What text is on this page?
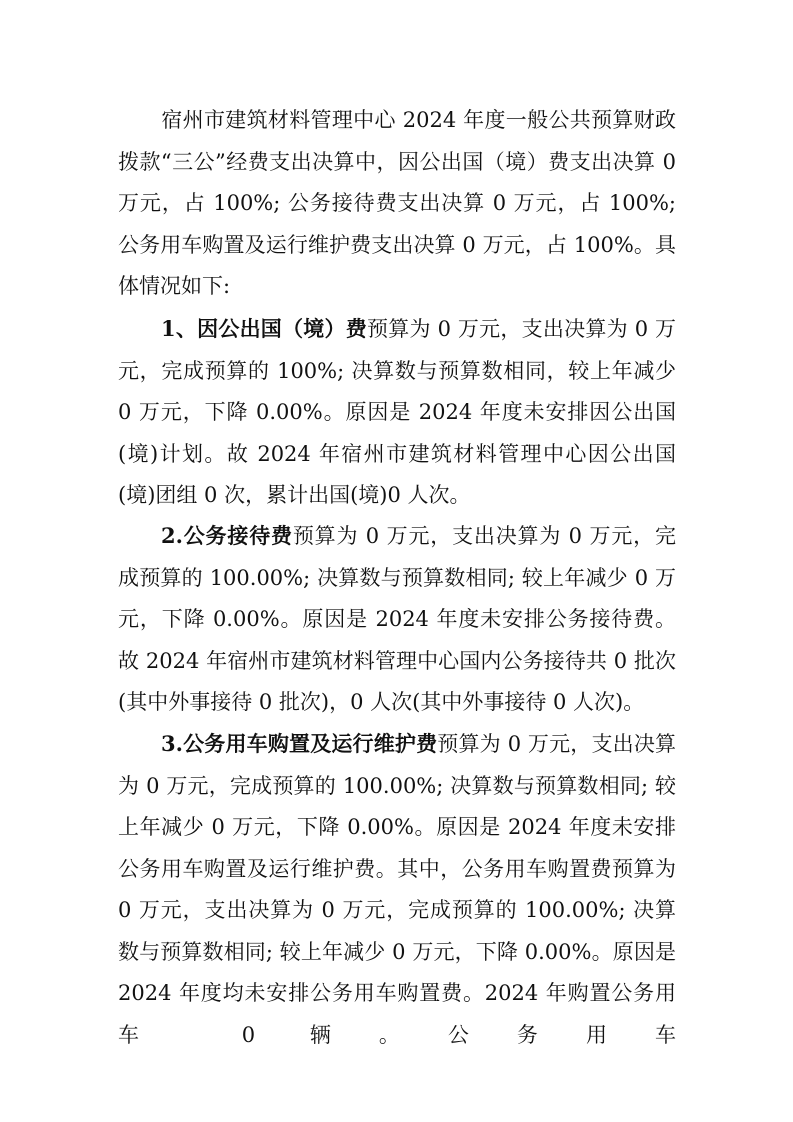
宿州市建筑材料管理中心 2024 年度一般公共预算财政拨款“三公”经费支出决算中，因公出国（境）费支出决算 0 万元，占 100%; 公务接待费支出决算 0 万元，占 100%; 公务用车购置及运行维护费支出决算 0 万元，占 100%。具体情况如下:

1、因公出国（境）费预算为 0 万元，支出决算为 0 万元，完成预算的 100%; 决算数与预算数相同，较上年减少 0 万元，下降 0.00%。原因是 2024 年度未安排因公出国(境)计划。故 2024 年宿州市建筑材料管理中心因公出国(境)团组 0 次，累计出国(境)0 人次。

2.公务接待费预算为 0 万元，支出决算为 0 万元，完成预算的 100.00%; 决算数与预算数相同; 较上年减少 0 万元，下降 0.00%。原因是 2024 年度未安排公务接待费。故 2024 年宿州市建筑材料管理中心国内公务接待共 0 批次(其中外事接待 0 批次)，0 人次(其中外事接待 0 人次)。

3.公务用车购置及运行维护费预算为 0 万元，支出决算为 0 万元，完成预算的 100.00%; 决算数与预算数相同; 较上年减少 0 万元，下降 0.00%。原因是 2024 年度未安排公务用车购置及运行维护费。其中，公务用车购置费预算为 0 万元，支出决算为 0 万元，完成预算的 100.00%; 决算数与预算数相同; 较上年减少 0 万元，下降 0.00%。原因是 2024 年度均未安排公务用车购置费。2024 年购置公务用车 0 辆。公务用车
